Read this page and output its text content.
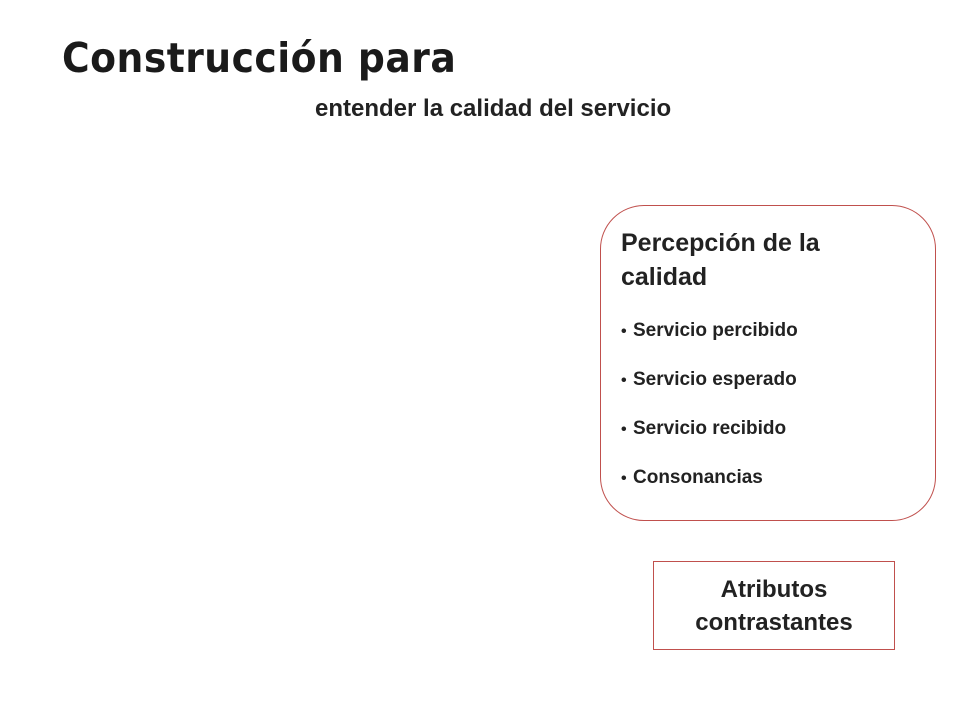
Construcción para
entender la calidad del servicio
Percepción de la calidad
• Servicio percibido
• Servicio esperado
• Servicio recibido
• Consonancias
Atributos contrastantes
